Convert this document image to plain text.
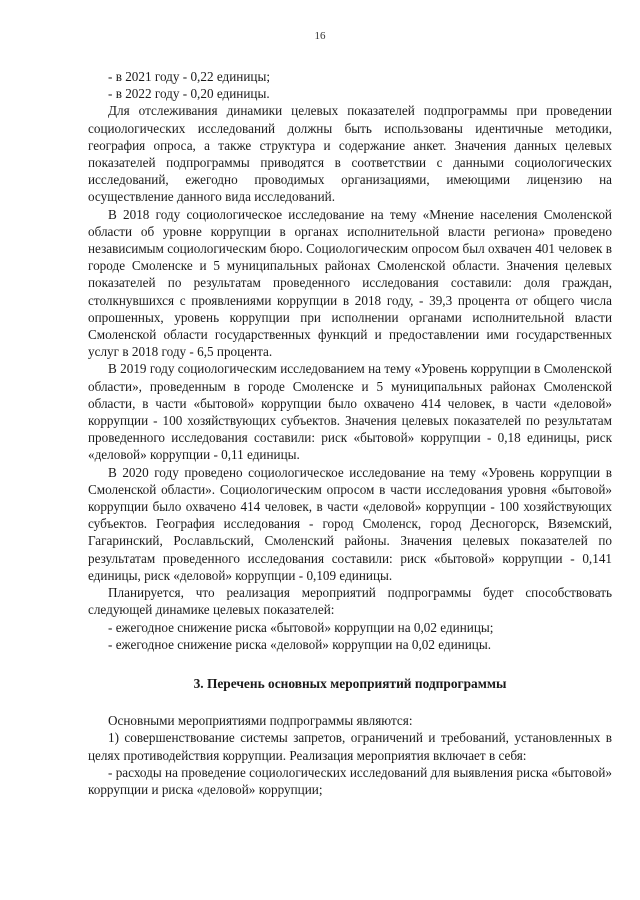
16

- в 2021 году - 0,22 единицы;

- в 2022 году - 0,20 единицы.

Для отслеживания динамики целевых показателей подпрограммы при проведении социологических исследований должны быть использованы идентичные методики, география опроса, а также структура и содержание анкет. Значения данных целевых показателей подпрограммы приводятся в соответствии с данными социологических исследований, ежегодно проводимых организациями, имеющими лицензию на осуществление данного вида исследований.

В 2018 году социологическое исследование на тему «Мнение населения Смоленской области об уровне коррупции в органах исполнительной власти региона» проведено независимым социологическим бюро. Социологическим опросом был охвачен 401 человек в городе Смоленске и 5 муниципальных районах Смоленской области. Значения целевых показателей по результатам проведенного исследования составили: доля граждан, столкнувшихся с проявлениями коррупции в 2018 году, - 39,3 процента от общего числа опрошенных, уровень коррупции при исполнении органами исполнительной власти Смоленской области государственных функций и предоставлении ими государственных услуг в 2018 году - 6,5 процента.

В 2019 году социологическим исследованием на тему «Уровень коррупции в Смоленской области», проведенным в городе Смоленске и 5 муниципальных районах Смоленской области, в части «бытовой» коррупции было охвачено 414 человек, в части «деловой» коррупции - 100 хозяйствующих субъектов. Значения целевых показателей по результатам проведенного исследования составили: риск «бытовой» коррупции - 0,18 единицы, риск «деловой» коррупции - 0,11 единицы.

В 2020 году проведено социологическое исследование на тему «Уровень коррупции в Смоленской области». Социологическим опросом в части исследования уровня «бытовой» коррупции было охвачено 414 человек, в части «деловой» коррупции - 100 хозяйствующих субъектов. География исследования - город Смоленск, город Десногорск, Вяземский, Гагаринский, Рославльский, Смоленский районы. Значения целевых показателей по результатам проведенного исследования составили: риск «бытовой» коррупции - 0,141 единицы, риск «деловой» коррупции - 0,109 единицы.

Планируется, что реализация мероприятий подпрограммы будет способствовать следующей динамике целевых показателей:

- ежегодное снижение риска «бытовой» коррупции на 0,02 единицы;

- ежегодное снижение риска «деловой» коррупции на 0,02 единицы.

3. Перечень основных мероприятий подпрограммы

Основными мероприятиями подпрограммы являются:

1) совершенствование системы запретов, ограничений и требований, установленных в целях противодействия коррупции. Реализация мероприятия включает в себя:

- расходы на проведение социологических исследований для выявления риска «бытовой» коррупции и риска «деловой» коррупции;
